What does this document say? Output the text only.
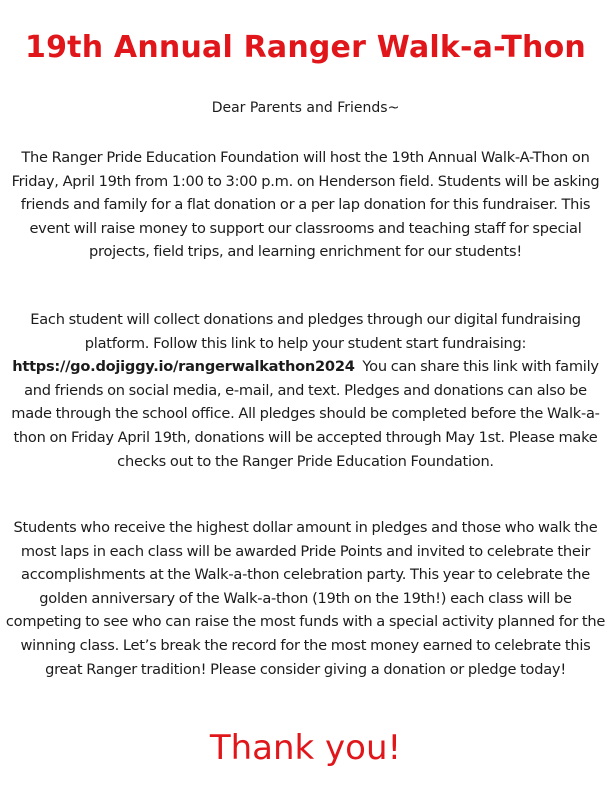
19th Annual Ranger Walk-a-Thon

Dear Parents and Friends~

The Ranger Pride Education Foundation will host the 19th Annual Walk-A-Thon on Friday, April 19th from 1:00 to 3:00 p.m. on Henderson field. Students will be asking friends and family for a flat donation or a per lap donation for this fundraiser. This event will raise money to support our classrooms and teaching staff for special projects, field trips, and learning enrichment for our students!

Each student will collect donations and pledges through our digital fundraising platform. Follow this link to help your student start fundraising: https://go.dojiggy.io/rangerwalkathon2024  You can share this link with family and friends on social media, e-mail, and text. Pledges and donations can also be made through the school office. All pledges should be completed before the Walk-a-thon on Friday April 19th, donations will be accepted through May 1st. Please make checks out to the Ranger Pride Education Foundation.

Students who receive the highest dollar amount in pledges and those who walk the most laps in each class will be awarded Pride Points and invited to celebrate their accomplishments at the Walk-a-thon celebration party. This year to celebrate the golden anniversary of the Walk-a-thon (19th on the 19th!) each class will be competing to see who can raise the most funds with a special activity planned for the winning class. Let’s break the record for the most money earned to celebrate this great Ranger tradition! Please consider giving a donation or pledge today!

Thank you!
